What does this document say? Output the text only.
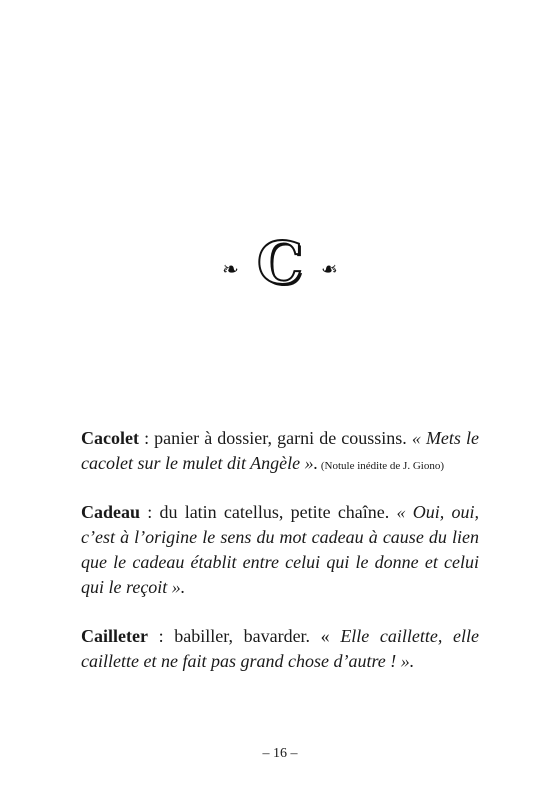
❧ C ❧

Cacolet : panier à dossier, garni de coussins. « Mets le cacolet sur le mulet dit Angèle ». (Notule inédite de J. Giono)

Cadeau : du latin catellus, petite chaîne. « Oui, oui, c’est à l’origine le sens du mot cadeau à cause du lien que le cadeau établit entre celui qui le donne et celui qui le reçoit ».

Cailleter : babiller, bavarder. « Elle caillette, elle caillette et ne fait pas grand chose d’autre ! ».

– 16 –
